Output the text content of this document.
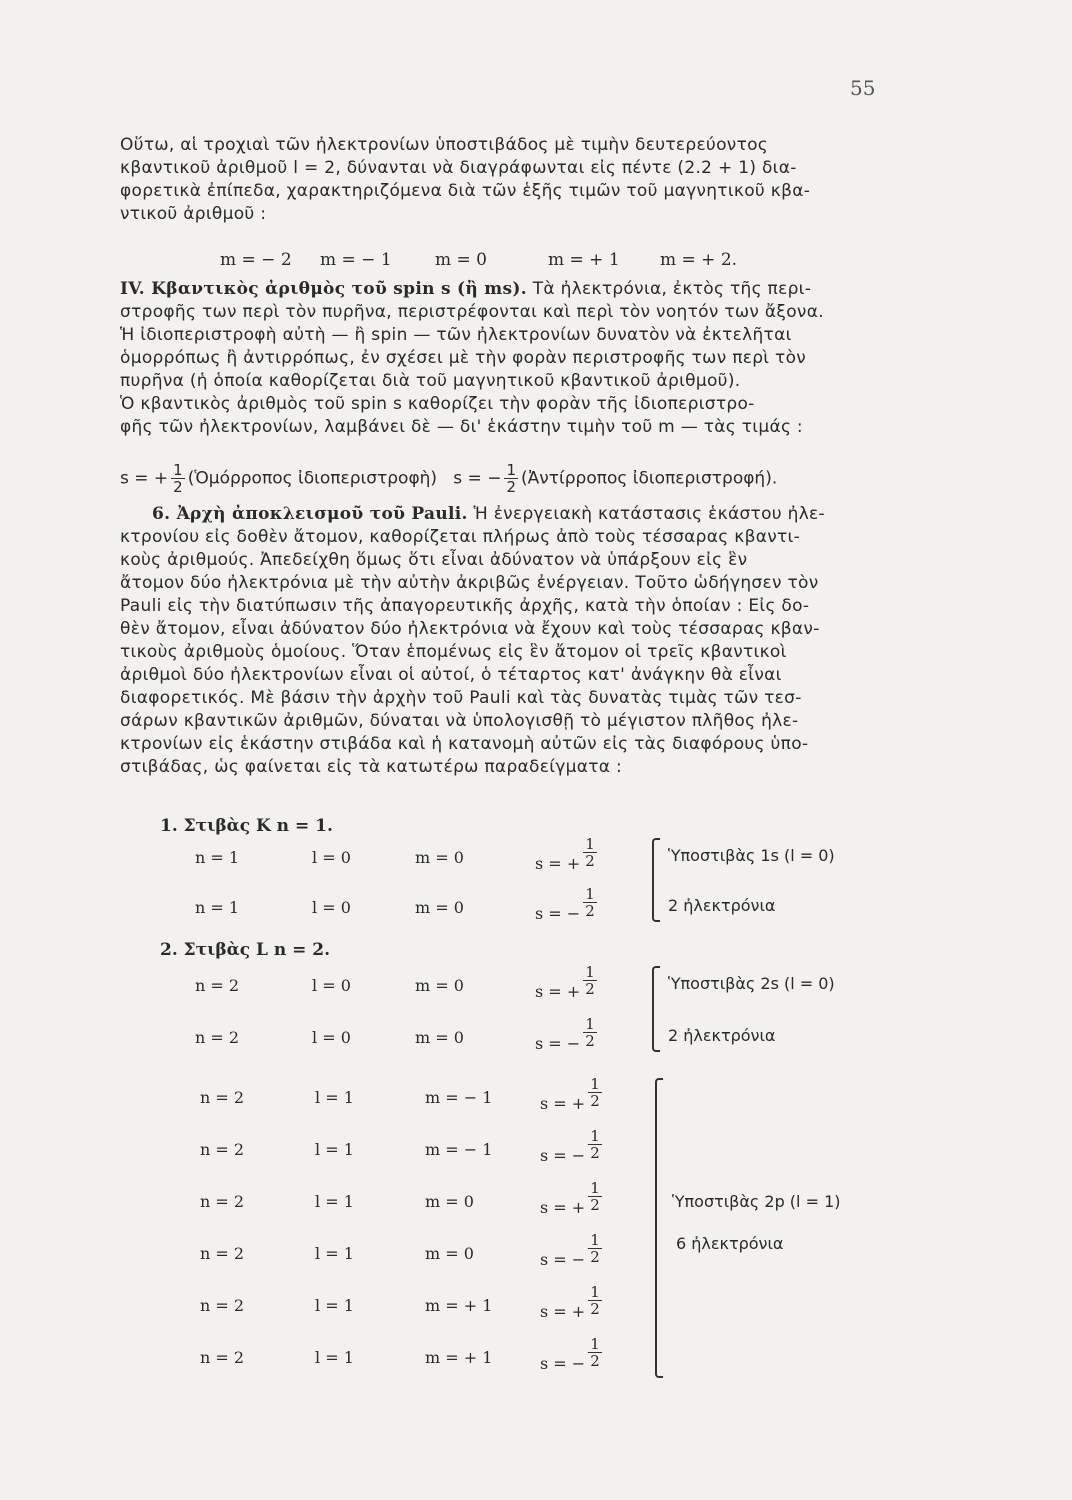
55
Οὕτω, αἱ τροχιαὶ τῶν ἠλεκτρονίων ὑποστιβάδος μὲ τιμὴν δευτερεύοντος
κβαντικοῦ ἀριθμοῦ l = 2, δύνανται νὰ διαγράφωνται εἰς πέντε (2.2 + 1) δια-
φορετικὰ ἐπίπεδα, χαρακτηριζόμενα διὰ τῶν ἑξῆς τιμῶν τοῦ μαγνητικοῦ κβα-
ντικοῦ ἀριθμοῦ :
m = − 2 m = − 1	m = 0	m = + 1 m = + 2.
IV. Κβαντικὸς ἀριθμὸς τοῦ spin s (ἢ ms). Τὰ ἠλεκτρόνια, ἐκτὸς τῆς περι-
στροφῆς των περὶ τὸν πυρῆνα, περιστρέφονται καὶ περὶ τὸν νοητόν των ἄξονα.
Ἡ ἰδιοπεριστροφὴ αὐτὴ — ἢ spin — τῶν ἠλεκτρονίων δυνατὸν νὰ ἐκτελῆται
ὁμορρόπως ἢ ἀντιρρόπως, ἐν σχέσει μὲ τὴν φορὰν περιστροφῆς των περὶ τὸν
πυρῆνα (ἡ ὁποία καθορίζεται διὰ τοῦ μαγνητικοῦ κβαντικοῦ ἀριθμοῦ).
Ὁ κβαντικὸς ἀριθμὸς τοῦ spin s καθορίζει τὴν φορὰν τῆς ἰδιοπεριστρο-
φῆς τῶν ἠλεκτρονίων, λαμβάνει δὲ — δι' ἑκάστην τιμὴν τοῦ m — τὰς τιμάς :
s = + $\frac{1}{2}$ (Ὁμόρροπος ἰδιοπεριστροφὴ) s = − $\frac{1}{2}$ (Ἀντίρροπος ἰδιοπεριστροφή).
6. Ἀρχὴ ἀποκλεισμοῦ τοῦ Pauli. Ἡ ἐνεργειακὴ κατάστασις ἑκάστου ἠλε-
κτρονίου εἰς δοθὲν ἄτομον, καθορίζεται πλήρως ἀπὸ τοὺς τέσσαρας κβαντι-
κοὺς ἀριθμούς. Ἀπεδείχθη ὅμως ὅτι εἶναι ἀδύνατον νὰ ὑπάρξουν εἰς ἓν
ἄτομον δύο ἠλεκτρόνια μὲ τὴν αὐτὴν ἀκριβῶς ἐνέργειαν. Τοῦτο ὡδήγησεν τὸν
Pauli εἰς τὴν διατύπωσιν τῆς ἀπαγορευτικῆς ἀρχῆς, κατὰ τὴν ὁποίαν : Εἰς δο-
θὲν ἄτομον, εἶναι ἀδύνατον δύο ἠλεκτρόνια νὰ ἔχουν καὶ τοὺς τέσσαρας κβαν-
τικοὺς ἀριθμοὺς ὁμοίους. Ὅταν ἑπομένως εἰς ἓν ἄτομον οἱ τρεῖς κβαντικοὶ
ἀριθμοὶ δύο ἠλεκτρονίων εἶναι οἱ αὐτοί, ὁ τέταρτος κατ' ἀνάγκην θὰ εἶναι
διαφορετικός. Μὲ βάσιν τὴν ἀρχὴν τοῦ Pauli καὶ τὰς δυνατὰς τιμὰς τῶν τεσ-
σάρων κβαντικῶν ἀριθμῶν, δύναται νὰ ὑπολογισθῇ τὸ μέγιστον πλῆθος ἠλε-
κτρονίων εἰς ἑκάστην στιβάδα καὶ ἡ κατανομὴ αὐτῶν εἰς τὰς διαφόρους ὑπο-
στιβάδας, ὡς φαίνεται εἰς τὰ κατωτέρω παραδείγματα :
1. Στιβὰς K n = 1.
n = 1	l = 0	m = 0	s = + $\frac{1}{2}$
n = 1	l = 0	m = 0	s = − $\frac{1}{2}$
Ὑποστιβὰς 1s (l = 0)
2 ἠλεκτρόνια
2. Στιβὰς L n = 2.
n = 2	l = 0	m = 0	s = + $\frac{1}{2}$
n = 2	l = 0	m = 0	s = − $\frac{1}{2}$
Ὑποστιβὰς 2s (l = 0)
2 ἠλεκτρόνια
n = 2	l = 1	m = − 1	s = + $\frac{1}{2}$
n = 2	l = 1	m = − 1	s = − $\frac{1}{2}$
n = 2	l = 1	m = 0	s = + $\frac{1}{2}$
n = 2	l = 1	m = 0	s = − $\frac{1}{2}$
n = 2	l = 1	m = + 1	s = + $\frac{1}{2}$
n = 2	l = 1	m = + 1	s = − $\frac{1}{2}$
Ὑποστιβὰς 2p (l = 1)
6 ἠλεκτρόνια
